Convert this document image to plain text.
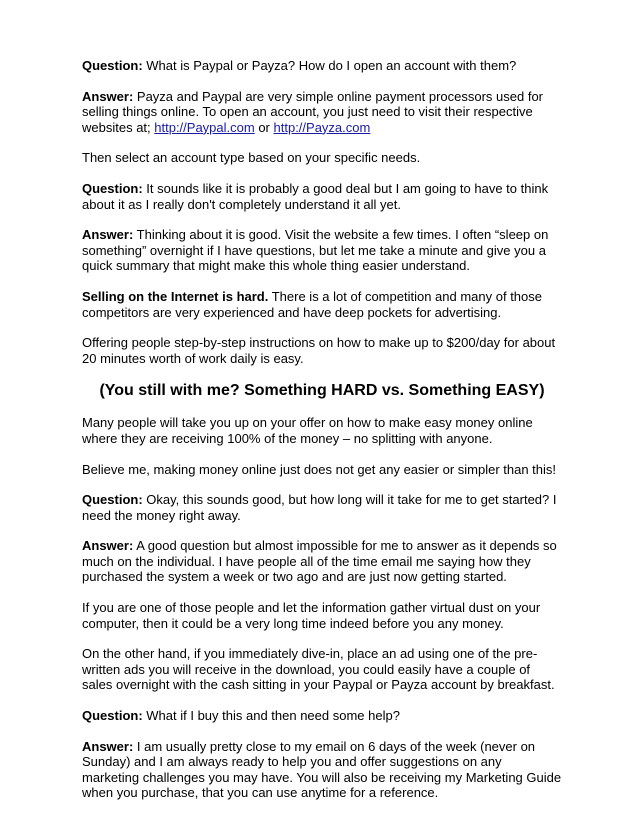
Question: What is Paypal or Payza? How do I open an account with them?

Answer: Payza and Paypal are very simple online payment processors used for selling things online. To open an account, you just need to visit their respective websites at; http://Paypal.com or http://Payza.com

Then select an account type based on your specific needs.

Question: It sounds like it is probably a good deal but I am going to have to think about it as I really don't completely understand it all yet.

Answer: Thinking about it is good. Visit the website a few times. I often “sleep on something” overnight if I have questions, but let me take a minute and give you a quick summary that might make this whole thing easier understand.

Selling on the Internet is hard. There is a lot of competition and many of those competitors are very experienced and have deep pockets for advertising.

Offering people step-by-step instructions on how to make up to $200/day for about 20 minutes worth of work daily is easy.

(You still with me? Something HARD vs. Something EASY)

Many people will take you up on your offer on how to make easy money online where they are receiving 100% of the money – no splitting with anyone.

Believe me, making money online just does not get any easier or simpler than this!

Question: Okay, this sounds good, but how long will it take for me to get started? I need the money right away.

Answer: A good question but almost impossible for me to answer as it depends so much on the individual. I have people all of the time email me saying how they purchased the system a week or two ago and are just now getting started.

If you are one of those people and let the information gather virtual dust on your computer, then it could be a very long time indeed before you any money.

On the other hand, if you immediately dive-in, place an ad using one of the pre-written ads you will receive in the download, you could easily have a couple of sales overnight with the cash sitting in your Paypal or Payza account by breakfast.

Question: What if I buy this and then need some help?

Answer: I am usually pretty close to my email on 6 days of the week (never on Sunday) and I am always ready to help you and offer suggestions on any marketing challenges you may have. You will also be receiving my Marketing Guide when you purchase, that you can use anytime for a reference.
